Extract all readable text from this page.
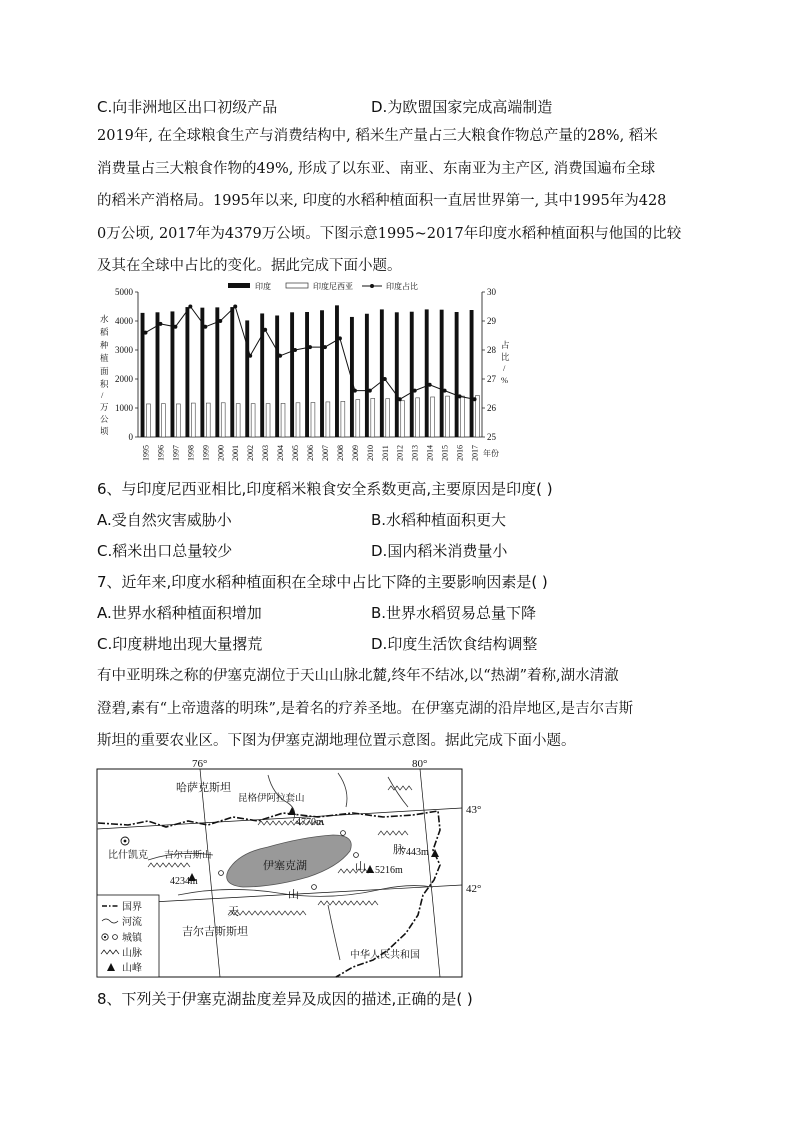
C.向非洲地区出口初级产品	D.为欧盟国家完成高端制造
2019年, 在全球粮食生产与消费结构中, 稻米生产量占三大粮食作物总产量的28%, 稻米
消费量占三大粮食作物的49%, 形成了以东亚、南亚、东南亚为主产区, 消费国遍布全球
的稻米产消格局。1995年以来, 印度的水稻种植面积一直居世界第一, 其中1995年为428
0万公顷, 2017年为4379万公顷。下图示意1995~2017年印度水稻种植面积与他国的比较
及其在全球中占比的变化。据此完成下面小题。
印度	印度尼西亚	印度占比
0
1000
2000
3000
4000
5000
25
26
27
28
29
30
1995 1996 1997 1998 1999 2000 2001 2002 2003 2004 2005 2006 2007 2008 2009 2010 2011 2012 2013 2014 2015 2016 2017
水
稻
种
植
面
积
/
万
公
顷
占
比
/
%
年份
6、与印度尼西亚相比,印度稻米粮食安全系数更高,主要原因是印度( )
A.受自然灾害威胁小	B.水稻种植面积更大
C.稻米出口总量较少	D.国内稻米消费量小
7、近年来,印度水稻种植面积在全球中占比下降的主要影响因素是( )
A.世界水稻种植面积增加	B.世界水稻贸易总量下降
C.印度耕地出现大量撂荒	D.印度生活饮食结构调整
有中亚明珠之称的伊塞克湖位于天山山脉北麓,终年不结冰,以“热湖”着称,湖水清澈
澄碧,素有“上帝遗落的明珠”,是着名的疗养圣地。在伊塞克湖的沿岸地区,是吉尔吉斯
斯坦的重要农业区。下图为伊塞克湖地理位置示意图。据此完成下面小题。
76°	80°
43°
42°
伊塞克湖
昆格伊阿拉套山
4770m
吉尔吉斯山
4234m
5216m
7443m
比什凯克
哈萨克斯坦
吉尔吉斯斯坦
中华人民共和国
天
山
山
脉
国界
河流
城镇
山脉
山峰
8、下列关于伊塞克湖盐度差异及成因的描述,正确的是( )
